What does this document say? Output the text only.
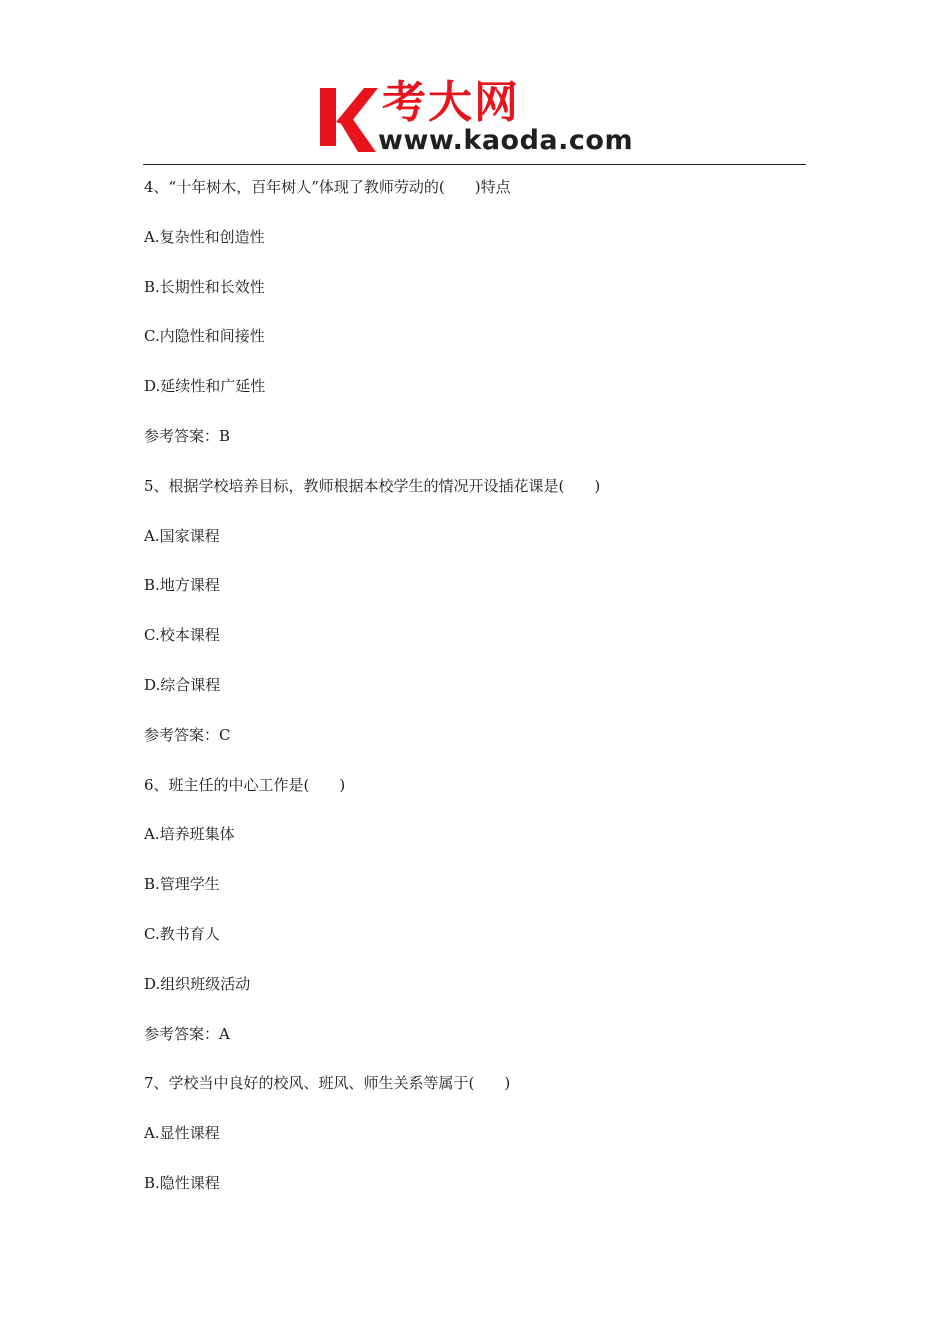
考大网
www.kaoda.com
4、“十年树木，百年树人”体现了教师劳动的(　　)特点
A.复杂性和创造性
B.长期性和长效性
C.内隐性和间接性
D.延续性和广延性
参考答案：B
5、根据学校培养目标，教师根据本校学生的情况开设插花课是(　　)
A.国家课程
B.地方课程
C.校本课程
D.综合课程
参考答案：C
6、班主任的中心工作是(　　)
A.培养班集体
B.管理学生
C.教书育人
D.组织班级活动
参考答案：A
7、学校当中良好的校风、班风、师生关系等属于(　　)
A.显性课程
B.隐性课程
